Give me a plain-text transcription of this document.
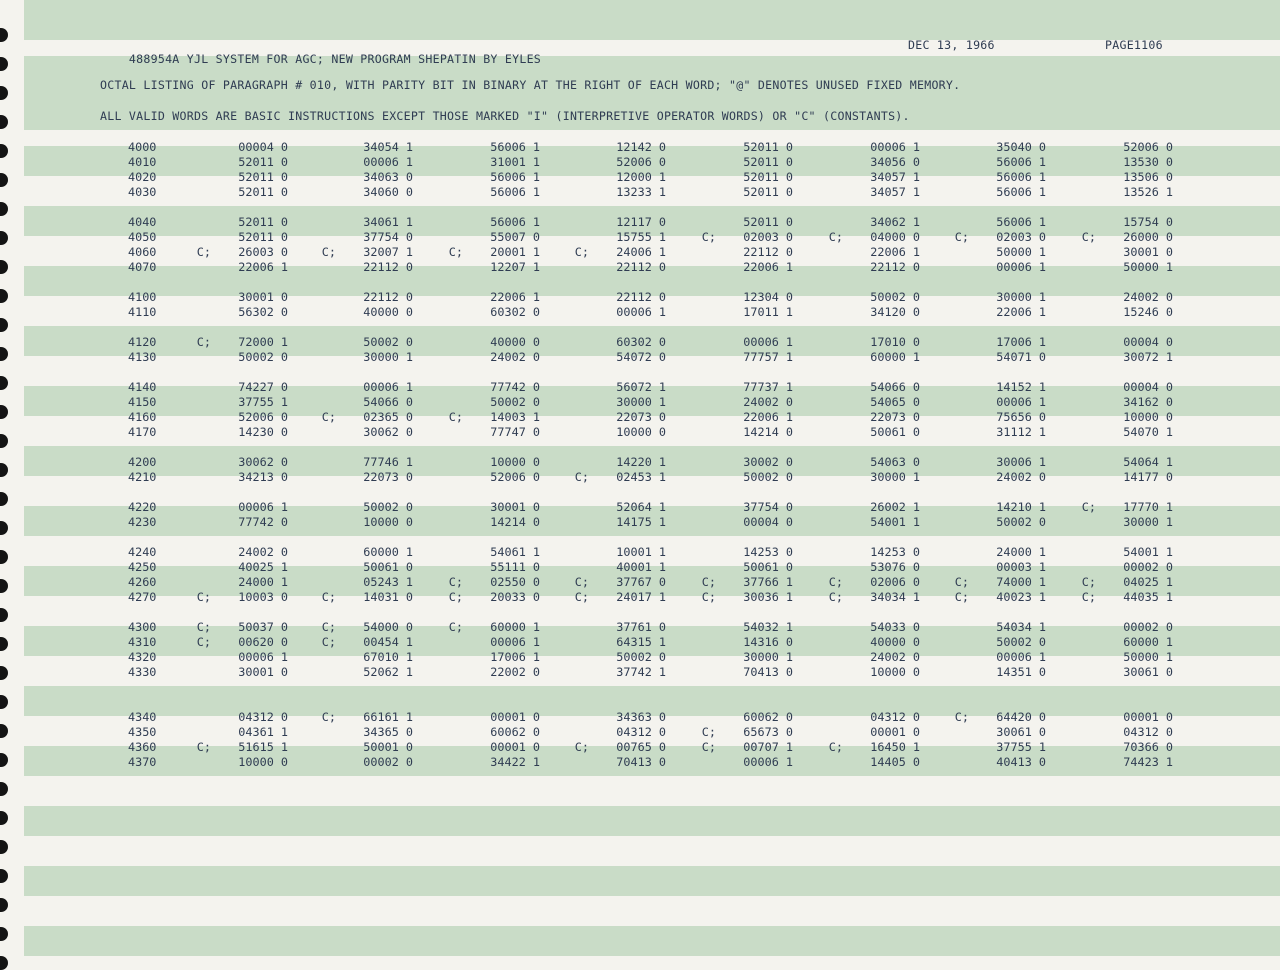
488954A YJL SYSTEM FOR AGC; NEW PROGRAM SHEPATIN BY EYLES

DEC 13, 1966	PAGE1106
OCTAL LISTING OF PARAGRAPH # 010, WITH PARITY BIT IN BINARY AT THE RIGHT OF EACH WORD; "@" DENOTES UNUSED FIXED MEMORY.
ALL VALID WORDS ARE BASIC INSTRUCTIONS EXCEPT THOSE MARKED "I" (INTERPRETIVE OPERATOR WORDS) OR "C" (CONSTANTS).
4000	00004 0	34054 1	56006 1	12142 0	52011 0	00006 1	35040 0	52006 0
4010	52011 0	00006 1	31001 1	52006 0	52011 0	34056 0	56006 1	13530 0
4020	52011 0	34063 0	56006 1	12000 1	52011 0	34057 1	56006 1	13506 0
4030	52011 0	34060 0	56006 1	13233 1	52011 0	34057 1	56006 1	13526 1
4040	52011 0	34061 1	56006 1	12117 0	52011 0	34062 1	56006 1	15754 0
4050	52011 0	37754 0	55007 0	15755 1	C; 02003 0	C; 04000 0	C; 02003 0	C; 26000 0
4060	C; 26003 0	C; 32007 1	C; 20001 1	C; 24006 1	22112 0	22006 1	50000 1	30001 0
4070	22006 1	22112 0	12207 1	22112 0	22006 1	22112 0	00006 1	50000 1
4100	30001 0	22112 0	22006 1	22112 0	12304 0	50002 0	30000 1	24002 0
4110	56302 0	40000 0	60302 0	00006 1	17011 1	34120 0	22006 1	15246 0
4120	C; 72000 1	50002 0	40000 0	60302 0	00006 1	17010 0	17006 1	00004 0
4130	50002 0	30000 1	24002 0	54072 0	77757 1	60000 1	54071 0	30072 1
4140	74227 0	00006 1	77742 0	56072 1	77737 1	54066 0	14152 1	00004 0
4150	37755 1	54066 0	50002 0	30000 1	24002 0	54065 0	00006 1	34162 0
4160	52006 0	C; 02365 0	C; 14003 1	22073 0	22006 1	22073 0	75656 0	10000 0
4170	14230 0	30062 0	77747 0	10000 0	14214 0	50061 0	31112 1	54070 1
4200	30062 0	77746 1	10000 0	14220 1	30002 0	54063 0	30006 1	54064 1
4210	34213 0	22073 0	52006 0	C; 02453 1	50002 0	30000 1	24002 0	14177 0
4220	00006 1	50002 0	30001 0	52064 1	37754 0	26002 1	14210 1	C; 17770 1
4230	77742 0	10000 0	14214 0	14175 1	00004 0	54001 1	50002 0	30000 1
4240	24002 0	60000 1	54061 1	10001 1	14253 0	14253 0	24000 1	54001 1
4250	40025 1	50061 0	55111 0	40001 1	50061 0	53076 0	00003 1	00002 0
4260	24000 1	05243 1	C; 02550 0	C; 37767 0	C; 37766 1	C; 02006 0	C; 74000 1	C; 04025 1
4270	C; 10003 0	C; 14031 0	C; 20033 0	C; 24017 1	C; 30036 1	C; 34034 1	C; 40023 1	C; 44035 1
4300	C; 50037 0	C; 54000 0	C; 60000 1	37761 0	54032 1	54033 0	54034 1	00002 0
4310	C; 00620 0	C; 00454 1	00006 1	64315 1	14316 0	40000 0	50002 0	60000 1
4320	00006 1	67010 1	17006 1	50002 0	30000 1	24002 0	00006 1	50000 1
4330	30001 0	52062 1	22002 0	37742 1	70413 0	10000 0	14351 0	30061 0
4340	04312 0	C; 66161 1	00001 0	34363 0	60062 0	04312 0	C; 64420 0	00001 0
4350	04361 1	34365 0	60062 0	04312 0	C; 65673 0	00001 0	30061 0	04312 0
4360	C; 51615 1	50001 0	00001 0	C; 00765 0	C; 00707 1	C; 16450 1	37755 1	70366 0
4370	10000 0	00002 0	34422 1	70413 0	00006 1	14405 0	40413 0	74423 1
